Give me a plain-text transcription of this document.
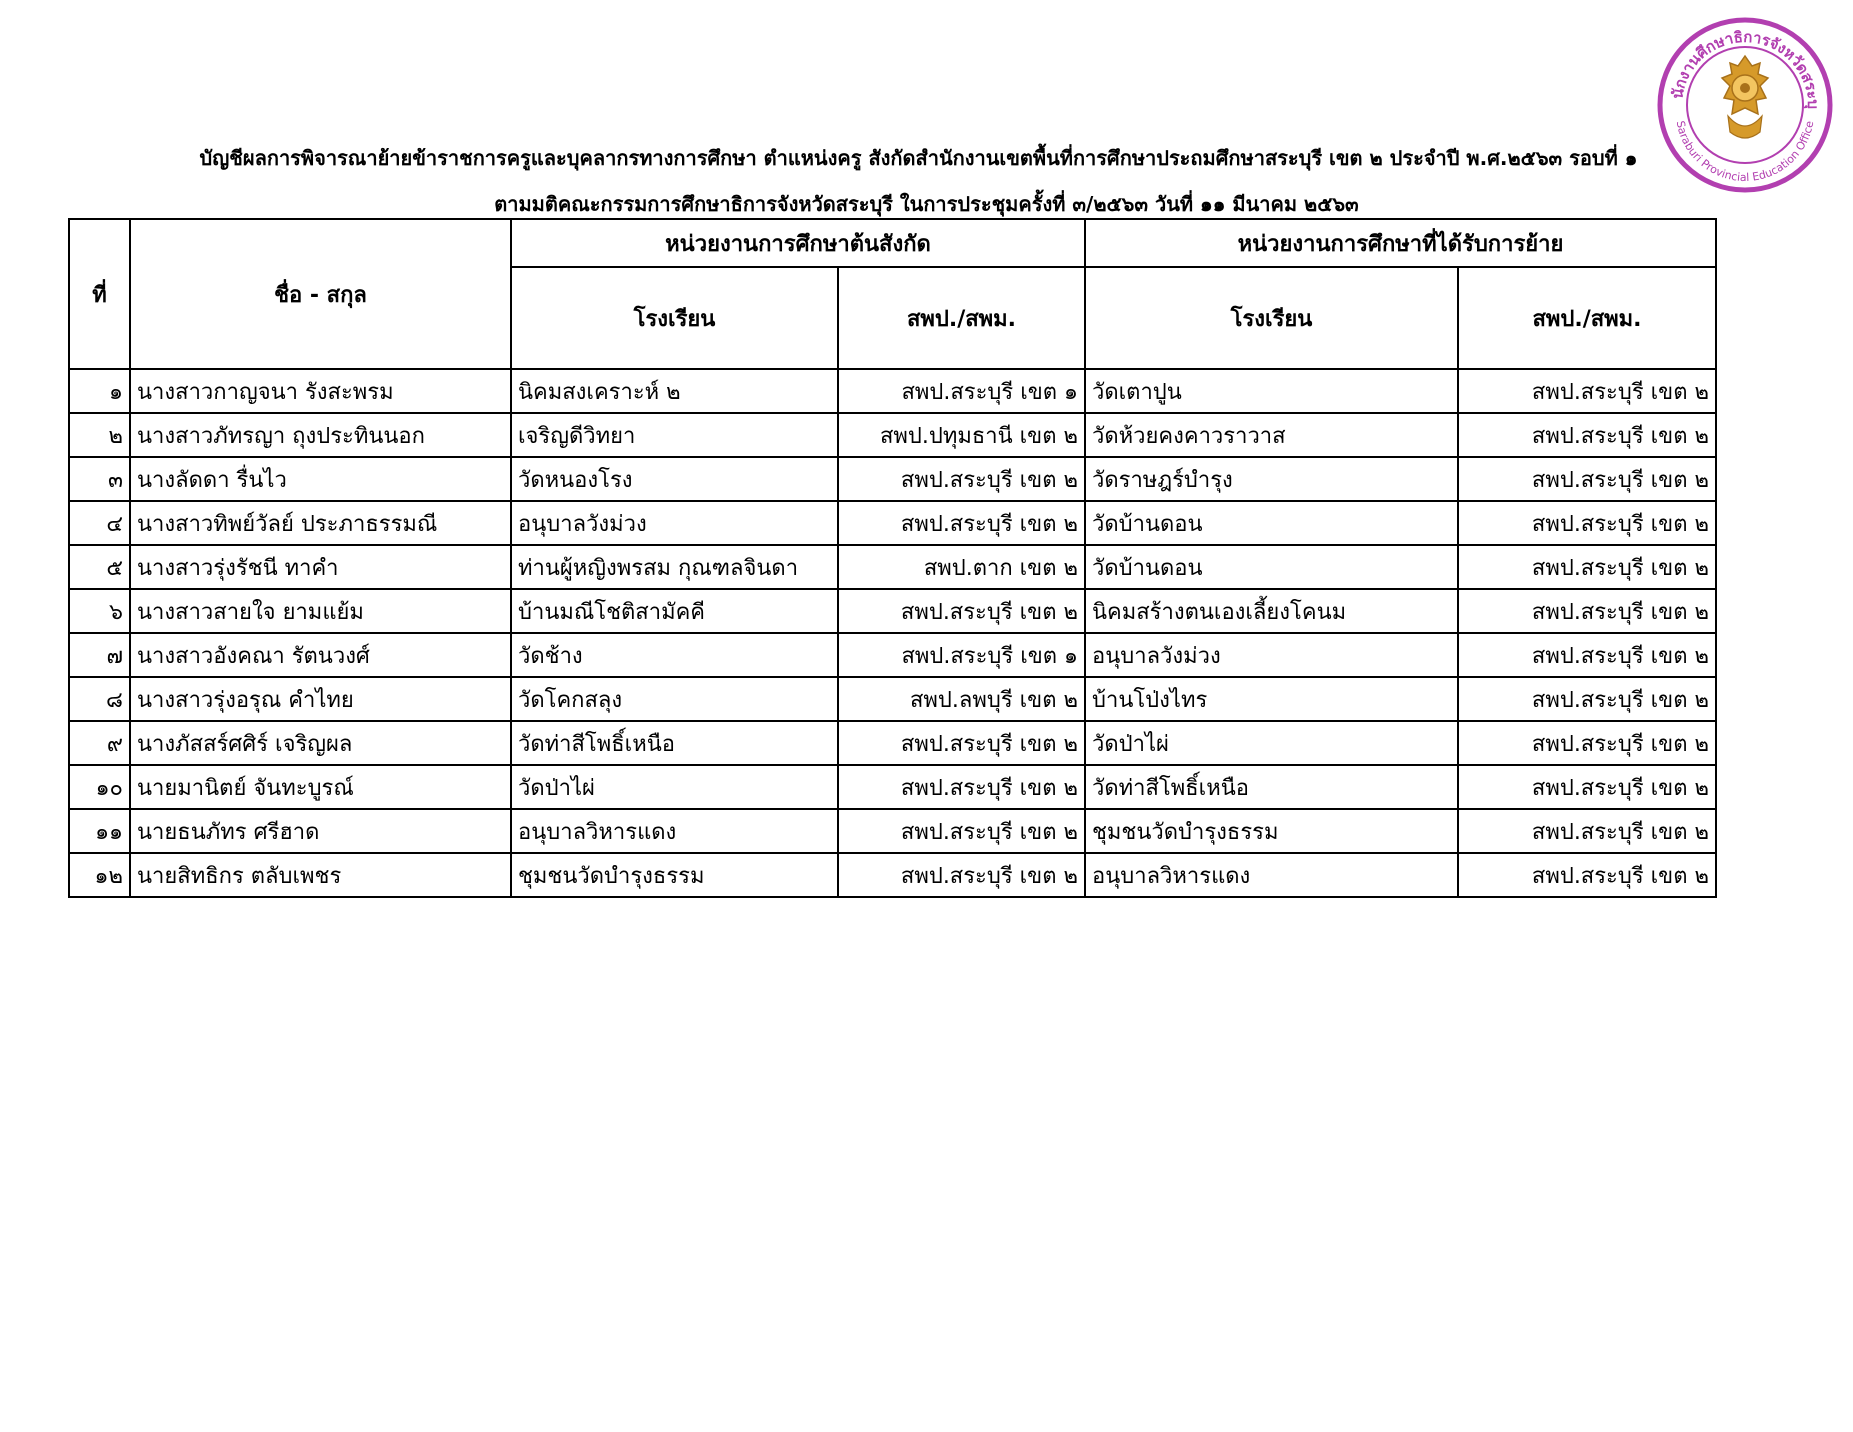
นักงานศึกษาธิการจังหวัดสระบุ
Saraburi Provincial Education Office
บัญชีผลการพิจารณาย้ายข้าราชการครูและบุคลากรทางการศึกษา ตำแหน่งครู สังกัดสำนักงานเขตพื้นที่การศึกษาประถมศึกษาสระบุรี เขต ๒ ประจำปี พ.ศ.๒๕๖๓ รอบที่ ๑
ตามมติคณะกรรมการศึกษาธิการจังหวัดสระบุรี ในการประชุมครั้งที่ ๓/๒๕๖๓ วันที่ ๑๑ มีนาคม ๒๕๖๓
ที่	ชื่อ - สกุล	หน่วยงานการศึกษาต้นสังกัด		หน่วยงานการศึกษาที่ได้รับการย้าย	
		โรงเรียน	สพป./สพม.	โรงเรียน	สพป./สพม.
๑	นางสาวกาญจนา รังสะพรม	นิคมสงเคราะห์ ๒	สพป.สระบุรี เขต ๑	วัดเตาปูน	สพป.สระบุรี เขต ๒
๒	นางสาวภัทรญา ถุงประทินนอก	เจริญดีวิทยา	สพป.ปทุมธานี เขต ๒	วัดห้วยคงคาวราวาส	สพป.สระบุรี เขต ๒
๓	นางลัดดา รื่นไว	วัดหนองโรง	สพป.สระบุรี เขต ๒	วัดราษฎร์บำรุง	สพป.สระบุรี เขต ๒
๔	นางสาวทิพย์วัลย์ ประภาธรรมณี	อนุบาลวังม่วง	สพป.สระบุรี เขต ๒	วัดบ้านดอน	สพป.สระบุรี เขต ๒
๕	นางสาวรุ่งรัชนี ทาคำ	ท่านผู้หญิงพรสม กุณฑลจินดา	สพป.ตาก เขต ๒	วัดบ้านดอน	สพป.สระบุรี เขต ๒
๖	นางสาวสายใจ ยามแย้ม	บ้านมณีโชติสามัคคี	สพป.สระบุรี เขต ๒	นิคมสร้างตนเองเลี้ยงโคนม	สพป.สระบุรี เขต ๒
๗	นางสาวอังคณา รัตนวงศ์	วัดช้าง	สพป.สระบุรี เขต ๑	อนุบาลวังม่วง	สพป.สระบุรี เขต ๒
๘	นางสาวรุ่งอรุณ คำไทย	วัดโคกสลุง	สพป.ลพบุรี เขต ๒	บ้านโป่งไทร	สพป.สระบุรี เขต ๒
๙	นางภัสสร์ศศิร์ เจริญผล	วัดท่าสีโพธิ์เหนือ	สพป.สระบุรี เขต ๒	วัดป่าไผ่	สพป.สระบุรี เขต ๒
๑๐	นายมานิตย์ จันทะบูรณ์	วัดป่าไผ่	สพป.สระบุรี เขต ๒	วัดท่าสีโพธิ์เหนือ	สพป.สระบุรี เขต ๒
๑๑	นายธนภัทร ศรีฮาด	อนุบาลวิหารแดง	สพป.สระบุรี เขต ๒	ชุมชนวัดบำรุงธรรม	สพป.สระบุรี เขต ๒
๑๒	นายสิทธิกร ตลับเพชร	ชุมชนวัดบำรุงธรรม	สพป.สระบุรี เขต ๒	อนุบาลวิหารแดง	สพป.สระบุรี เขต ๒
